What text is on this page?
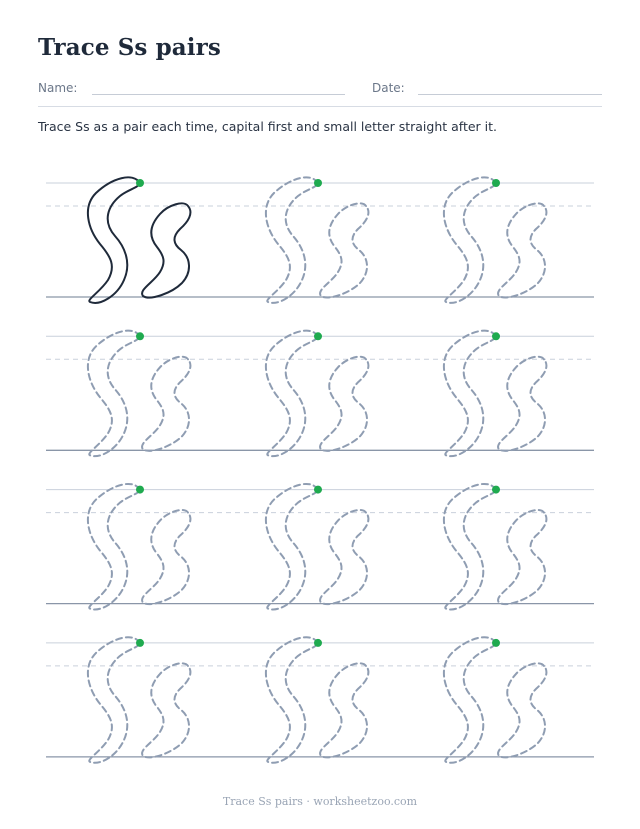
Trace Ss pairs
Name:	Date:

Trace Ss as a pair each time, capital first and small letter straight after it.

Trace Ss pairs · worksheetzoo.com
